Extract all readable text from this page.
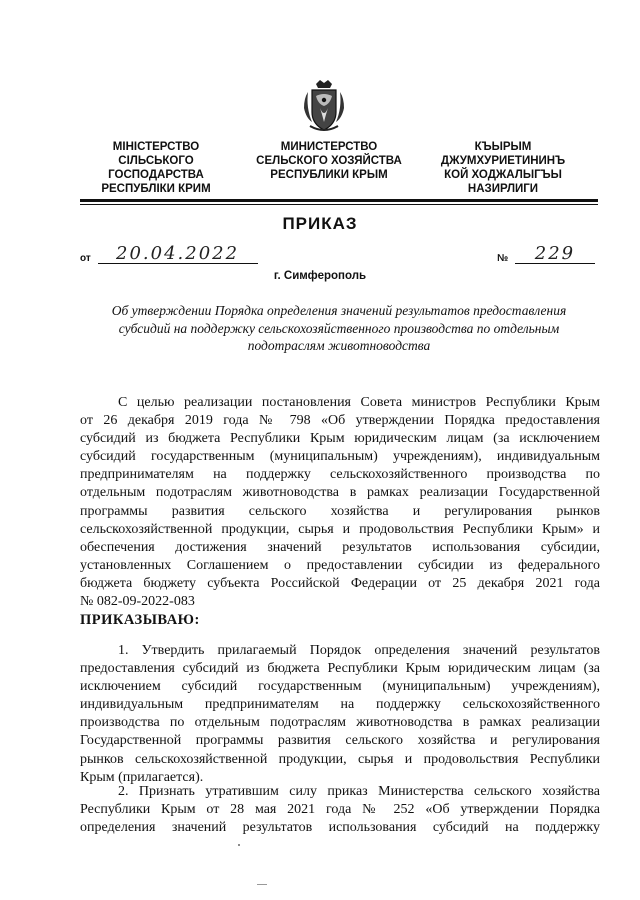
МІНІСТЕРСТВО
СІЛЬСЬКОГО
ГОСПОДАРСТВА
РЕСПУБЛІКИ КРИМ
МИНИСТЕРСТВО
СЕЛЬСКОГО ХОЗЯЙСТВА
РЕСПУБЛИКИ КРЫМ
КЪЫРЫМ
ДЖУМХУРИЕТИНИНЪ
КОЙ ХОДЖАЛЫГЪЫ
НАЗИРЛИГИ
ПРИКАЗ
от 20.04.2022	№ 229
г. Симферополь
Об утверждении Порядка определения значений результатов предоставления
субсидий на поддержку сельскохозяйственного производства по отдельным
подотраслям животноводства
С целью реализации постановления Совета министров Республики Крым
от 26 декабря 2019 года № 798 «Об утверждении Порядка предоставления
субсидий из бюджета Республики Крым юридическим лицам (за исключением
субсидий государственным (муниципальным) учреждениям), индивидуальным
предпринимателям на поддержку сельскохозяйственного производства по
отдельным подотраслям животноводства в рамках реализации Государственной
программы развития сельского хозяйства и регулирования рынков
сельскохозяйственной продукции, сырья и продовольствия Республики Крым» и
обеспечения достижения значений результатов использования субсидии,
установленных Соглашением о предоставлении субсидии из федерального
бюджета бюджету субъекта Российской Федерации от 25 декабря 2021 года
№ 082-09-2022-083
ПРИКАЗЫВАЮ:
1. Утвердить прилагаемый Порядок определения значений результатов
предоставления субсидий из бюджета Республики Крым юридическим лицам (за
исключением субсидий государственным (муниципальным) учреждениям),
индивидуальным предпринимателям на поддержку сельскохозяйственного
производства по отдельным подотраслям животноводства в рамках реализации
Государственной программы развития сельского хозяйства и регулирования
рынков сельскохозяйственной продукции, сырья и продовольствия Республики
Крым (прилагается).
2. Признать утратившим силу приказ Министерства сельского хозяйства
Республики Крым от 28 мая 2021 года № 252 «Об утверждении Порядка
определения значений результатов использования субсидий на поддержку
